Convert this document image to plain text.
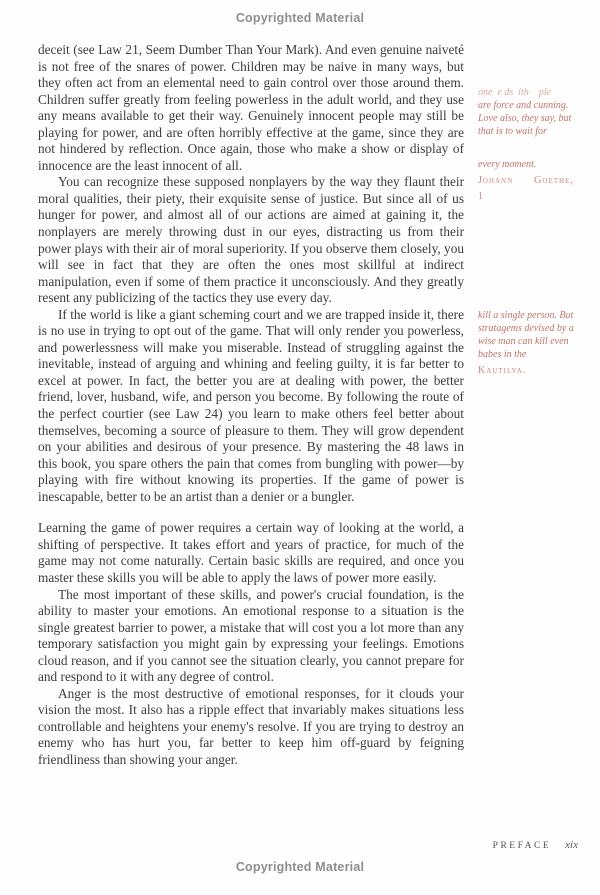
Copyrighted Material

deceit (see Law 21, Seem Dumber Than Your Mark). And even genuine naiveté is not free of the snares of power. Children may be naive in many ways, but they often act from an elemental need to gain control over those around them. Children suffer greatly from feeling powerless in the adult world, and they use any means available to get their way. Genuinely innocent people may still be playing for power, and are often horribly effective at the game, since they are not hindered by reflection. Once again, those who make a show or display of innocence are the least innocent of all.

You can recognize these supposed nonplayers by the way they flaunt their moral qualities, their piety, their exquisite sense of justice. But since all of us hunger for power, and almost all of our actions are aimed at gaining it, the nonplayers are merely throwing dust in our eyes, distracting us from their power plays with their air of moral superiority. If you observe them closely, you will see in fact that they are often the ones most skillful at indirect manipulation, even if some of them practice it unconsciously. And they greatly resent any publicizing of the tactics they use every day.

If the world is like a giant scheming court and we are trapped inside it, there is no use in trying to opt out of the game. That will only render you powerless, and powerlessness will make you miserable. Instead of struggling against the inevitable, instead of arguing and whining and feeling guilty, it is far better to excel at power. In fact, the better you are at dealing with power, the better friend, lover, husband, wife, and person you become. By following the route of the perfect courtier (see Law 24) you learn to make others feel better about themselves, becoming a source of pleasure to them. They will grow dependent on your abilities and desirous of your presence. By mastering the 48 laws in this book, you spare others the pain that comes from bungling with power—by playing with fire without knowing its properties. If the game of power is inescapable, better to be an artist than a denier or a bungler.

Learning the game of power requires a certain way of looking at the world, a shifting of perspective. It takes effort and years of practice, for much of the game may not come naturally. Certain basic skills are required, and once you master these skills you will be able to apply the laws of power more easily.

The most important of these skills, and power's crucial foundation, is the ability to master your emotions. An emotional response to a situation is the single greatest barrier to power, a mistake that will cost you a lot more than any temporary satisfaction you might gain by expressing your feelings. Emotions cloud reason, and if you cannot see the situation clearly, you cannot prepare for and respond to it with any degree of control.

Anger is the most destructive of emotional responses, for it clouds your vision the most. It also has a ripple effect that invariably makes situations less controllable and heightens your enemy's resolve. If you are trying to destroy an enemy who has hurt you, far better to keep him off-guard by feigning friendliness than showing your anger.

one  e ds  ith    ple
are force and cunning.
Love also, they say, but
that is to wait for
every moment.
Johann      Goethe,
1
kill a single person. But
stratagems devised by a
wise man can kill even
babes in the
Kautilya.
PREFACE xix
Copyrighted Material
